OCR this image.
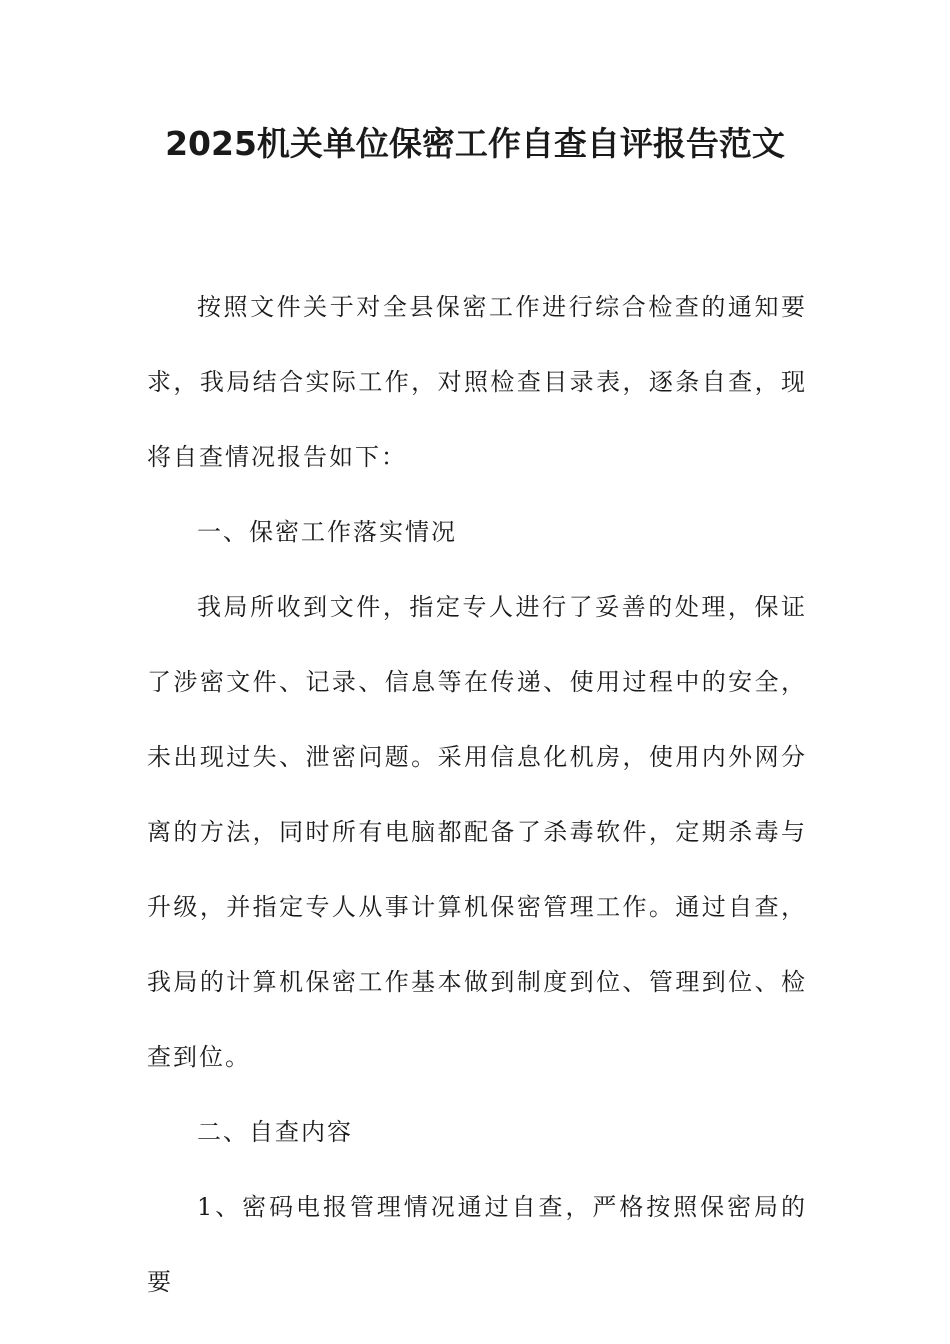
2025机关单位保密工作自查自评报告范文

按照文件关于对全县保密工作进行综合检查的通知要求，我局结合实际工作，对照检查目录表，逐条自查，现将自查情况报告如下：

一、保密工作落实情况

我局所收到文件，指定专人进行了妥善的处理，保证了涉密文件、记录、信息等在传递、使用过程中的安全，未出现过失、泄密问题。采用信息化机房，使用内外网分离的方法，同时所有电脑都配备了杀毒软件，定期杀毒与升级，并指定专人从事计算机保密管理工作。通过自查，我局的计算机保密工作基本做到制度到位、管理到位、检查到位。

二、自查内容

1、密码电报管理情况通过自查，严格按照保密局的要
